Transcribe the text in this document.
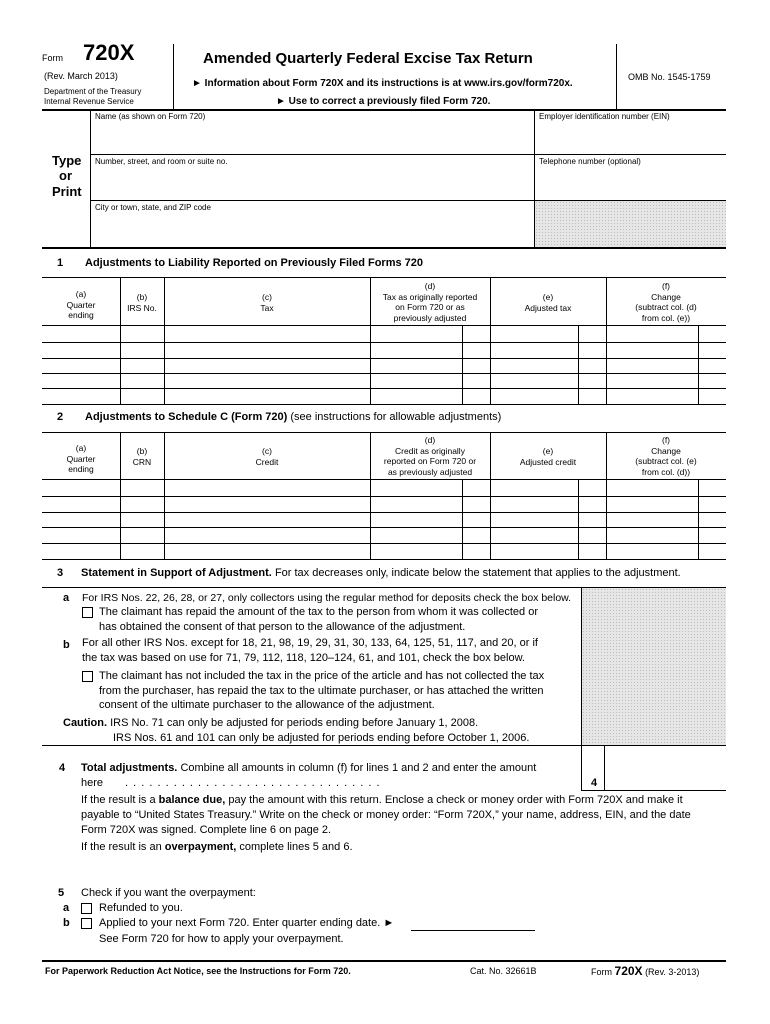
Form 720X
(Rev. March 2013)
Department of the Treasury
Internal Revenue Service
Amended Quarterly Federal Excise Tax Return
► Information about Form 720X and its instructions is at www.irs.gov/form720x.
► Use to correct a previously filed Form 720.
OMB No. 1545-1759
Type
or
Print
Name (as shown on Form 720)	Employer identification number (EIN)
Number, street, and room or suite no.	Telephone number (optional)
City or town, state, and ZIP code
1 Adjustments to Liability Reported on Previously Filed Forms 720
(a)
Quarter
ending
(b)
IRS No.
(c)
Tax
(d)
Tax as originally reported
on Form 720 or as
previously adjusted
(e)
Adjusted tax
(f)
Change
(subtract col. (d)
from col. (e))
2 Adjustments to Schedule C (Form 720) (see instructions for allowable adjustments)
(a)
Quarter
ending
(b)
CRN
(c)
Credit
(d)
Credit as originally
reported on Form 720 or
as previously adjusted
(e)
Adjusted credit
(f)
Change
(subtract col. (e)
from col. (d))
3 Statement in Support of Adjustment. For tax decreases only, indicate below the statement that applies to the adjustment.
a For IRS Nos. 22, 26, 28, or 27, only collectors using the regular method for deposits check the box below.
The claimant has repaid the amount of the tax to the person from whom it was collected or
has obtained the consent of that person to the allowance of the adjustment.
b For all other IRS Nos. except for 18, 21, 98, 19, 29, 31, 30, 133, 64, 125, 51, 117, and 20, or if
the tax was based on use for 71, 79, 112, 118, 120–124, 61, and 101, check the box below.
The claimant has not included the tax in the price of the article and has not collected the tax
from the purchaser, has repaid the tax to the ultimate purchaser, or has attached the written
consent of the ultimate purchaser to the allowance of the adjustment.
Caution. IRS No. 71 can only be adjusted for periods ending before January 1, 2008.
IRS Nos. 61 and 101 can only be adjusted for periods ending before October 1, 2006.
4 Total adjustments. Combine all amounts in column (f) for lines 1 and 2 and enter the amount
here . . . . . . . . . . . . . . . . . . . . . . . . . . . . . . . .	4
If the result is a balance due, pay the amount with this return. Enclose a check or money order with Form 720X and make it
payable to “United States Treasury.” Write on the check or money order: “Form 720X,” your name, address, EIN, and the date
Form 720X was signed. Complete line 6 on page 2.
If the result is an overpayment, complete lines 5 and 6.
5 Check if you want the overpayment:
a	Refunded to you.
b	Applied to your next Form 720. Enter quarter ending date. ►
See Form 720 for how to apply your overpayment.
For Paperwork Reduction Act Notice, see the Instructions for Form 720.	Cat. No. 32661B	Form 720X (Rev. 3-2013)
